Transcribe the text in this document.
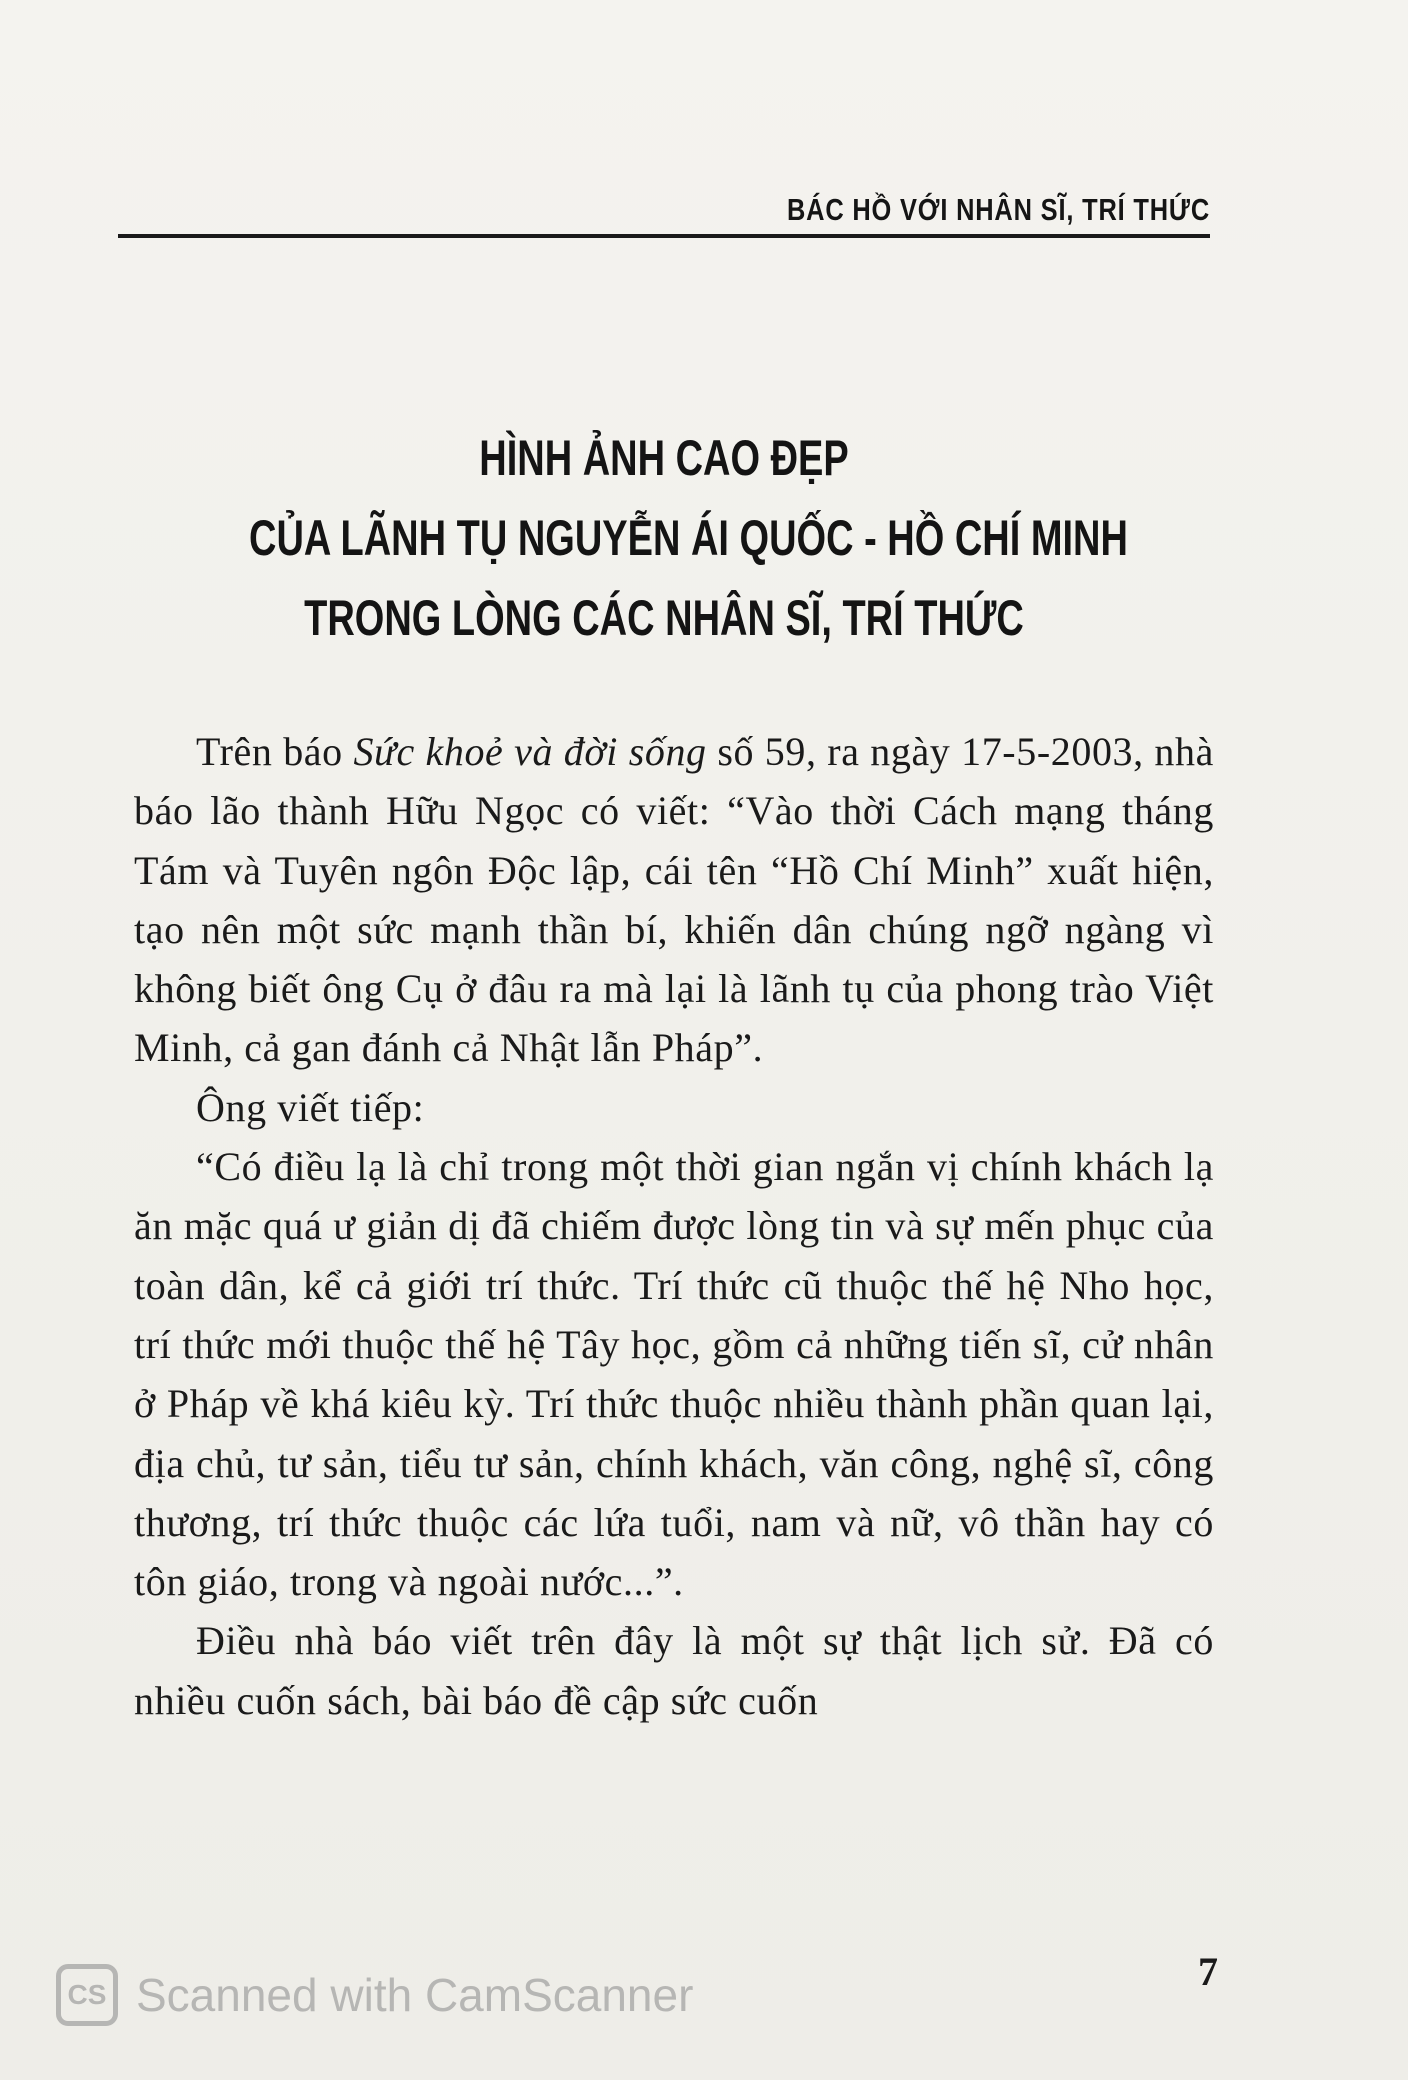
BÁC HỒ VỚI NHÂN SĨ, TRÍ THỨC
HÌNH ẢNH CAO ĐẸP
CỦA LÃNH TỤ NGUYỄN ÁI QUỐC - HỒ CHÍ MINH
TRONG LÒNG CÁC NHÂN SĨ, TRÍ THỨC

Trên báo Sức khoẻ và đời sống số 59, ra ngày 17-5-2003, nhà báo lão thành Hữu Ngọc có viết: “Vào thời Cách mạng tháng Tám và Tuyên ngôn Độc lập, cái tên “Hồ Chí Minh” xuất hiện, tạo nên một sức mạnh thần bí, khiến dân chúng ngỡ ngàng vì không biết ông Cụ ở đâu ra mà lại là lãnh tụ của phong trào Việt Minh, cả gan đánh cả Nhật lẫn Pháp”.

Ông viết tiếp:

“Có điều lạ là chỉ trong một thời gian ngắn vị chính khách lạ ăn mặc quá ư giản dị đã chiếm được lòng tin và sự mến phục của toàn dân, kể cả giới trí thức. Trí thức cũ thuộc thế hệ Nho học, trí thức mới thuộc thế hệ Tây học, gồm cả những tiến sĩ, cử nhân ở Pháp về khá kiêu kỳ. Trí thức thuộc nhiều thành phần quan lại, địa chủ, tư sản, tiểu tư sản, chính khách, văn công, nghệ sĩ, công thương, trí thức thuộc các lứa tuổi, nam và nữ, vô thần hay có tôn giáo, trong và ngoài nước...”.

Điều nhà báo viết trên đây là một sự thật lịch sử. Đã có nhiều cuốn sách, bài báo đề cập sức cuốn

7
CS Scanned with CamScanner
